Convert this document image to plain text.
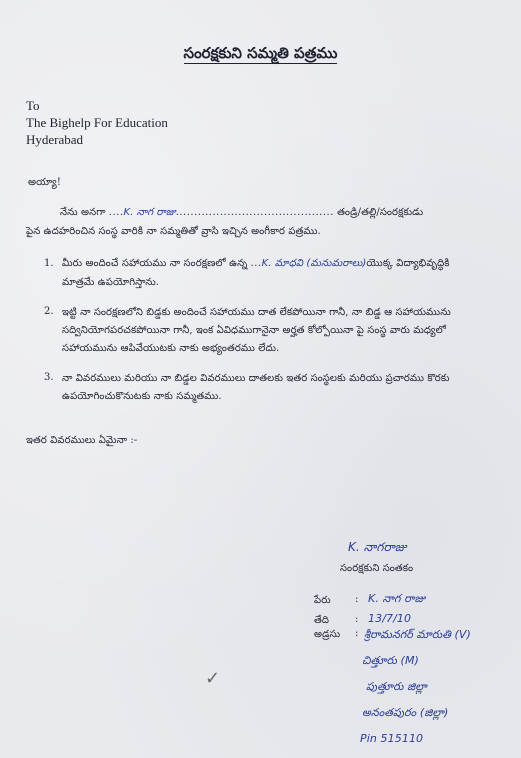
సంరక్షకుని సమ్మతి పత్రము
To
The Bighelp For Education
Hyderabad
అయ్యా!
నేను అనగా ....K. నాగ రాజు........................................... తండ్రి/తల్లి/సంరక్షకుడు
పైన ఉదహరించిన సంస్థ వారికి నా సమ్మతితో వ్రాసి ఇచ్చిన అంగీకార పత్రము.
1. మీరు అందించే సహాయము నా సంరక్షణలో ఉన్న ...K. మాధవి (మనుమరాలు)యొక్క విద్యాభివృద్ధికి
మాత్రమే ఉపయోగిస్తాను.
2. ఇట్టి నా సంరక్షణలోని బిడ్డకు అందించే సహాయము దాత లేకపోయినా గానీ, నా బిడ్డ ఆ సహాయమును
సద్వినియోగపరచకపోయినా గానీ, ఇంక ఏవిధముగానైనా అర్హత కోల్పోయినా పై సంస్థ వారు మధ్యలో
సహాయమును ఆపివేయుటకు నాకు అభ్యంతరము లేదు.
3. నా వివరములు మరియు నా బిడ్డల వివరములు దాతలకు ఇతర సంస్థలకు మరియు ప్రచారము కొరకు
ఉపయోగించుకొనుటకు నాకు సమ్మతము.
ఇతర వివరములు ఏమైనా :-
K. నాగరాజు
సంరక్షకుని సంతకం
పేరు : K. నాగ రాజు
తేది	: 13/7/10
అడ్రసు : శ్రీరామనగర్ మారుతి (V)
చిత్తూరు (M)
పుత్తూరు జిల్లా
అనంతపురం (జిల్లా)
Pin 515110
✓
